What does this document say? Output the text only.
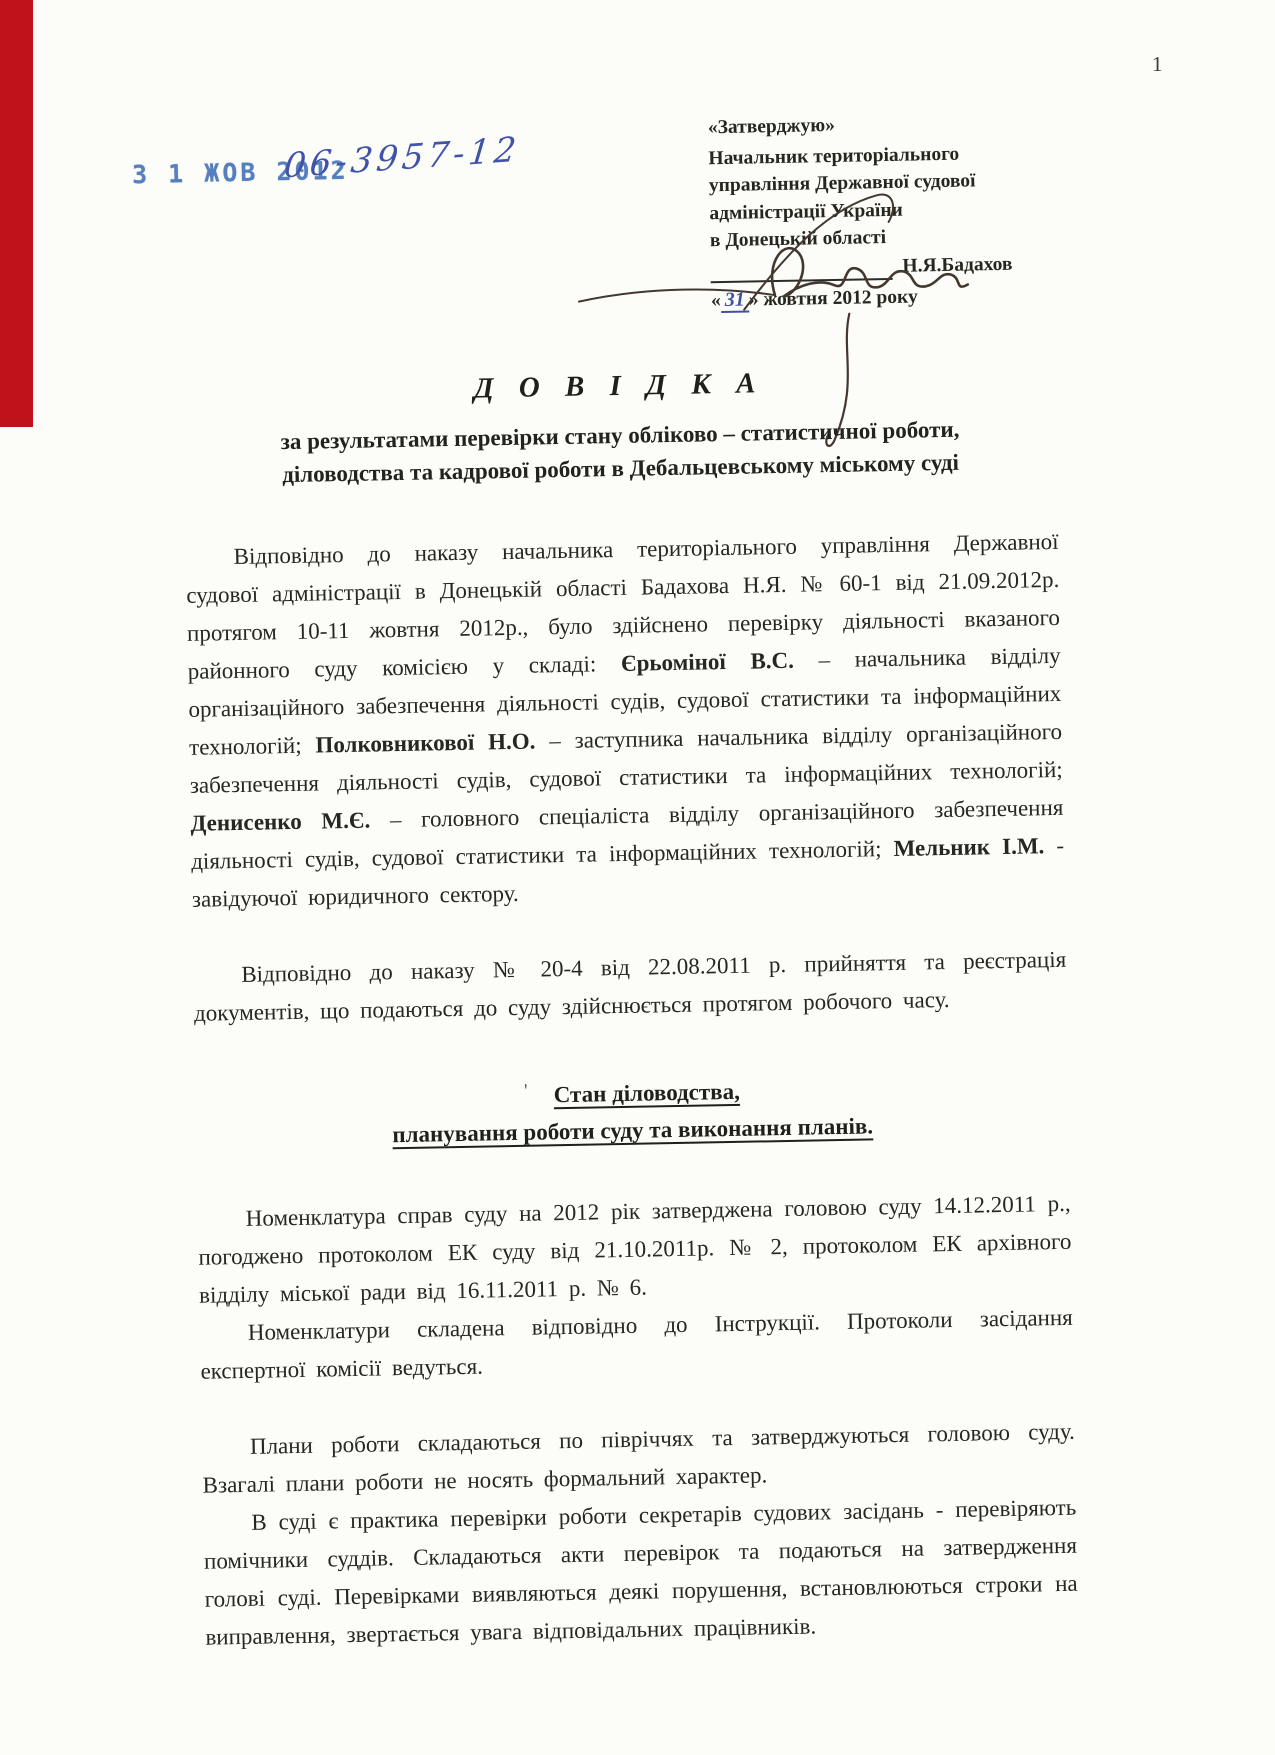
1
3 1 ЖОВ 2012
06-3957-12
«Затверджую»
Начальник територіального
управління Державної судової
адміністрації України
в Донецькій області
Н.Я.Бадахов
« 31 » жовтня 2012 року
Д О В І Д К А
за результатами перевірки стану обліково – статистичної роботи,
діловодства та кадрової роботи в Дебальцевському міському суді

Відповідно до наказу начальника територіального управління Державної судової адміністрації в Донецькій області Бадахова Н.Я. № 60-1 від 21.09.2012р. протягом 10-11 жовтня 2012р., було здійснено перевірку діяльності вказаного районного суду комісією у складі: Єрьоміної В.С. – начальника відділу організаційного забезпечення діяльності судів, судової статистики та інформаційних технологій; Полковникової Н.О. – заступника начальника відділу організаційного забезпечення діяльності судів, судової статистики та інформаційних технологій; Денисенко М.Є. – головного спеціаліста відділу організаційного забезпечення діяльності судів, судової статистики та інформаційних технологій; Мельник І.М. - завідуючої юридичного сектору.

Відповідно до наказу № 20-4 від 22.08.2011 р. прийняття та реєстрація документів, що подаються до суду здійснюється протягом робочого часу.

' Стан діловодства,
планування роботи суду та виконання планів.

Номенклатура справ суду на 2012 рік затверджена головою суду 14.12.2011 р., погоджено протоколом ЕК суду від 21.10.2011р. № 2, протоколом ЕК архівного відділу міської ради від 16.11.2011 р. № 6.

Номенклатури складена відповідно до Інструкції. Протоколи засідання експертної комісії ведуться.

Плани роботи складаються по півріччях та затверджуються головою суду. Взагалі плани роботи не носять формальний характер.

В суді є практика перевірки роботи секретарів судових засідань - перевіряють помічники суддів. Складаються акти перевірок та подаються на затвердження голові суді. Перевірками виявляються деякі порушення, встановлюються строки на виправлення, звертається увага відповідальних працівників.
